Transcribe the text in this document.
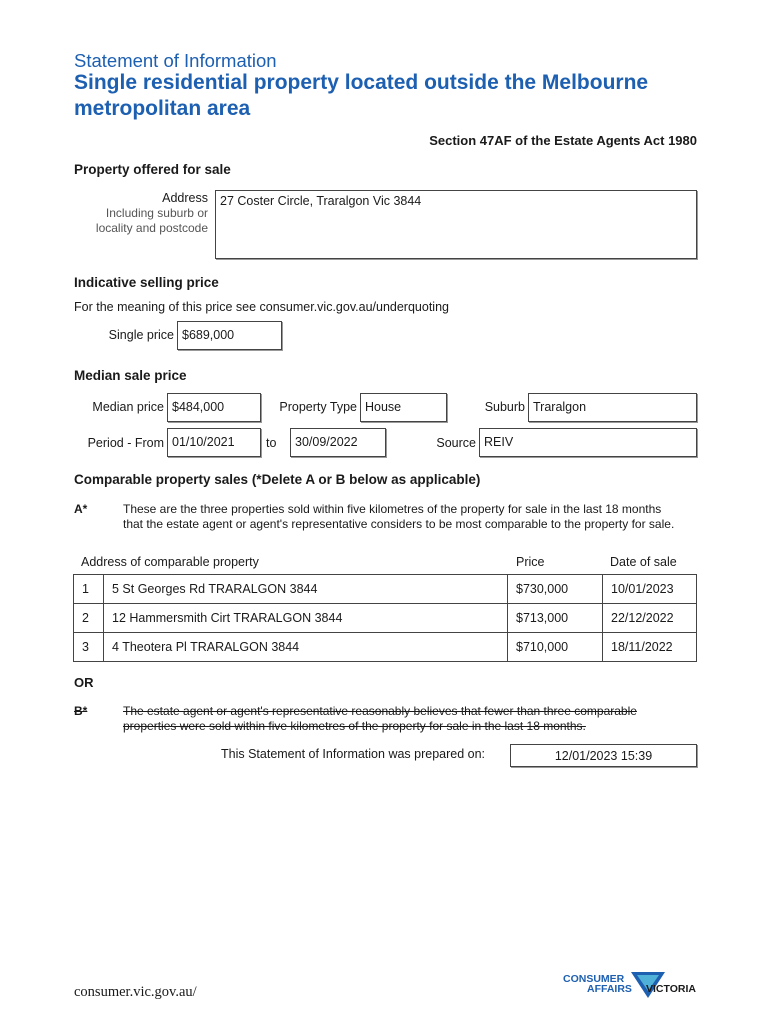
Statement of Information
Single residential property located outside the Melbourne metropolitan area
Section 47AF of the Estate Agents Act 1980
Property offered for sale
Address
Including suburb or
locality and postcode
27 Coster Circle, Traralgon Vic 3844
Indicative selling price
For the meaning of this price see consumer.vic.gov.au/underquoting
Single price $689,000
Median sale price
Median price $484,000	Property Type House	Suburb Traralgon
Period - From 01/10/2021	to	30/09/2022	Source REIV
Comparable property sales (*Delete A or B below as applicable)
A*	These are the three properties sold within five kilometres of the property for sale in the last 18 months that the estate agent or agent's representative considers to be most comparable to the property for sale.
Address of comparable property	Price	Date of sale
1	5 St Georges Rd TRARALGON 3844	$730,000	10/01/2023
2	12 Hammersmith Cirt TRARALGON 3844	$713,000	22/12/2022
3	4 Theotera Pl TRARALGON 3844	$710,000	18/11/2022
OR
B*	The estate agent or agent's representative reasonably believes that fewer than three comparable properties were sold within five kilometres of the property for sale in the last 18 months.
This Statement of Information was prepared on:	12/01/2023 15:39
consumer.vic.gov.au/
CONSUMER
AFFAIRS VICTORIA
